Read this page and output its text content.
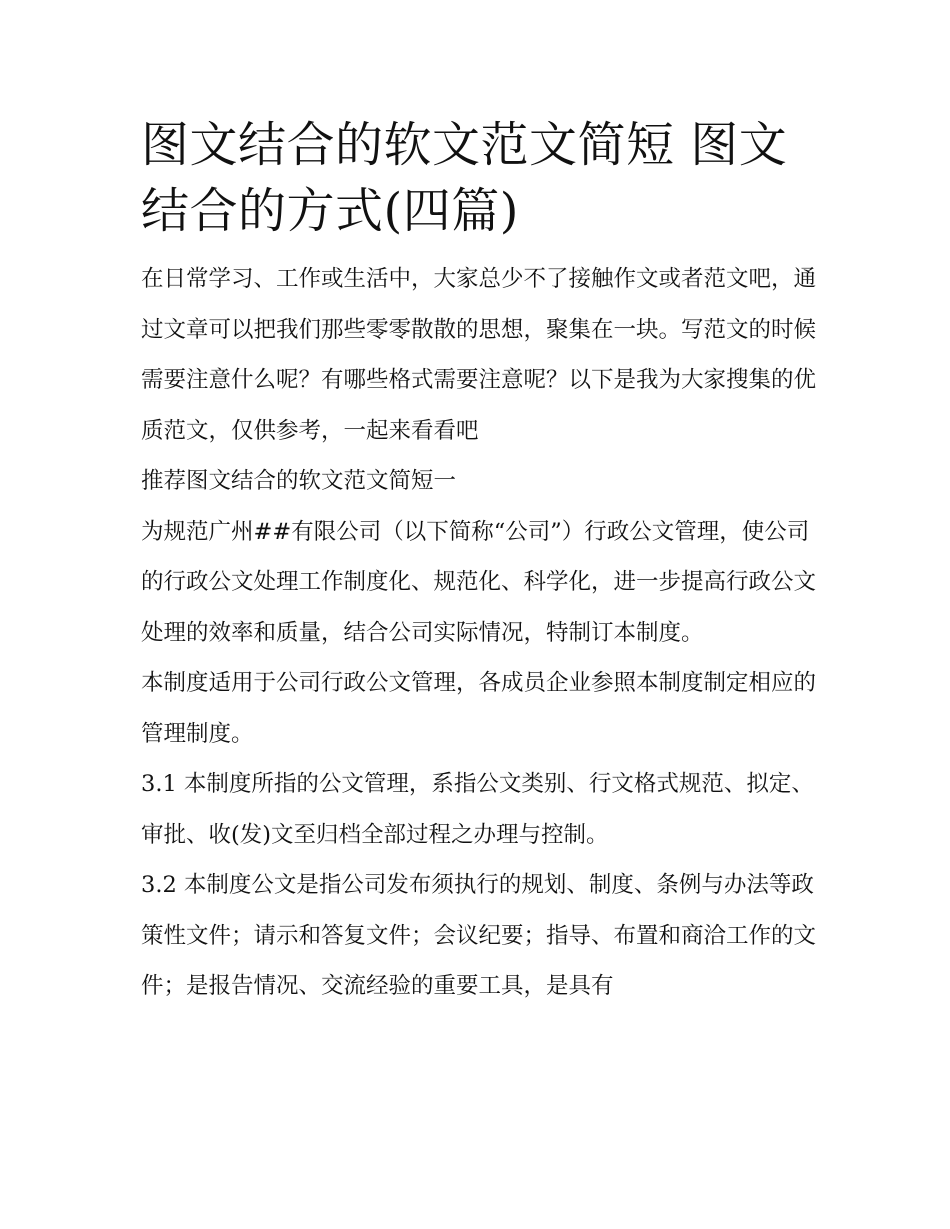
图文结合的软文范文简短 图文结合的方式(四篇)

在日常学习、工作或生活中，大家总少不了接触作文或者范文吧，通过文章可以把我们那些零零散散的思想，聚集在一块。写范文的时候需要注意什么呢？有哪些格式需要注意呢？以下是我为大家搜集的优质范文，仅供参考，一起来看看吧

推荐图文结合的软文范文简短一

为规范广州##有限公司（以下简称“公司”）行政公文管理，使公司的行政公文处理工作制度化、规范化、科学化，进一步提高行政公文处理的效率和质量，结合公司实际情况，特制订本制度。

本制度适用于公司行政公文管理，各成员企业参照本制度制定相应的管理制度。

3.1 本制度所指的公文管理，系指公文类别、行文格式规范、拟定、审批、收(发)文至归档全部过程之办理与控制。

3.2 本制度公文是指公司发布须执行的规划、制度、条例与办法等政策性文件；请示和答复文件；会议纪要；指导、布置和商洽工作的文件；是报告情况、交流经验的重要工具，是具有
